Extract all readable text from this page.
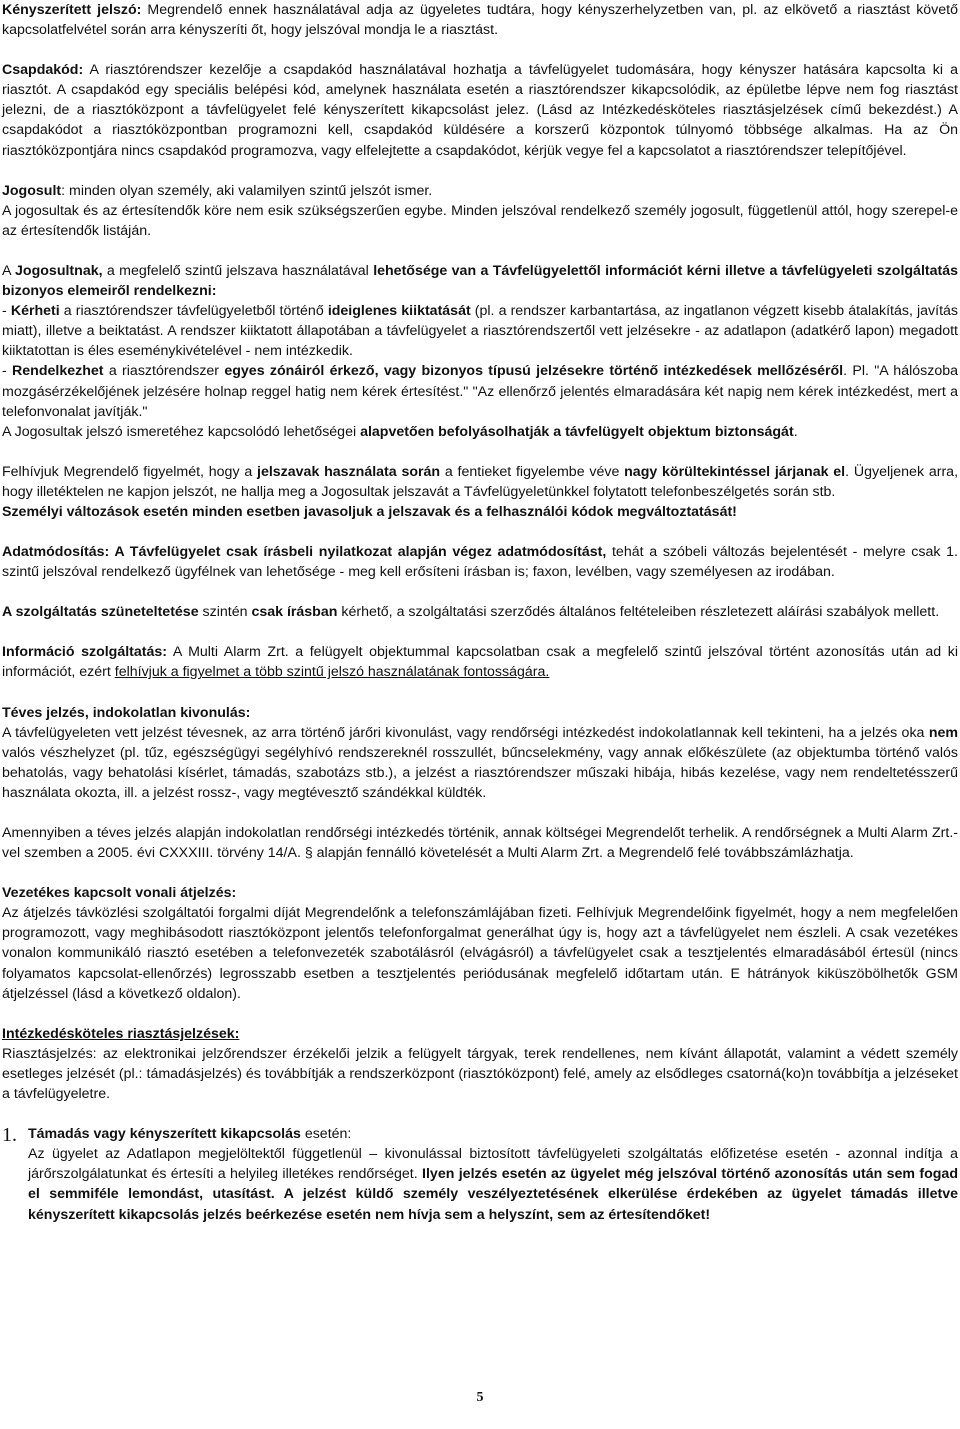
Kényszerített jelszó: Megrendelő ennek használatával adja az ügyeletes tudtára, hogy kényszerhelyzetben van, pl. az elkövető a riasztást követő kapcsolatfelvétel során arra kényszeríti őt, hogy jelszóval mondja le a riasztást.

Csapdakód: A riasztórendszer kezelője a csapdakód használatával hozhatja a távfelügyelet tudomására, hogy kényszer hatására kapcsolta ki a riasztót. A csapdakód egy speciális belépési kód, amelynek használata esetén a riasztórendszer kikapcsolódik, az épületbe lépve nem fog riasztást jelezni, de a riasztóközpont a távfelügyelet felé kényszerített kikapcsolást jelez. (Lásd az Intézkedésköteles riasztásjelzések című bekezdést.) A csapdakódot a riasztóközpontban programozni kell, csapdakód küldésére a korszerű központok túlnyomó többsége alkalmas. Ha az Ön riasztóközpontjára nincs csapdakód programozva, vagy elfelejtette a csapdakódot, kérjük vegye fel a kapcsolatot a riasztórendszer telepítőjével.

Jogosult: minden olyan személy, aki valamilyen szintű jelszót ismer.

A jogosultak és az értesítendők köre nem esik szükségszerűen egybe. Minden jelszóval rendelkező személy jogosult, függetlenül attól, hogy szerepel-e az értesítendők listáján.

A Jogosultnak, a megfelelő szintű jelszava használatával lehetősége van a Távfelügyelettől információt kérni illetve a távfelügyeleti szolgáltatás bizonyos elemeiről rendelkezni:

- Kérheti a riasztórendszer távfelügyeletből történő ideiglenes kiiktatását (pl. a rendszer karbantartása, az ingatlanon végzett kisebb átalakítás, javítás miatt), illetve a beiktatást. A rendszer kiiktatott állapotában a távfelügyelet a riasztórendszertől vett jelzésekre - az adatlapon (adatkérő lapon) megadott kiiktatottan is éles eseménykivételével - nem intézkedik.

- Rendelkezhet a riasztórendszer egyes zónáiról érkező, vagy bizonyos típusú jelzésekre történő intézkedések mellőzéséről. Pl. "A hálószoba mozgásérzékelőjének jelzésére holnap reggel hatig nem kérek értesítést." "Az ellenőrző jelentés elmaradására két napig nem kérek intézkedést, mert a telefonvonalat javítják."

A Jogosultak jelszó ismeretéhez kapcsolódó lehetőségei alapvetően befolyásolhatják a távfelügyelt objektum biztonságát.

Felhívjuk Megrendelő figyelmét, hogy a jelszavak használata során a fentieket figyelembe véve nagy körültekintéssel járjanak el. Ügyeljenek arra, hogy illetéktelen ne kapjon jelszót, ne hallja meg a Jogosultak jelszavát a Távfelügyeletünkkel folytatott telefonbeszélgetés során stb.

Személyi változások esetén minden esetben javasoljuk a jelszavak és a felhasználói kódok megváltoztatását!

Adatmódosítás: A Távfelügyelet csak írásbeli nyilatkozat alapján végez adatmódosítást, tehát a szóbeli változás bejelentését - melyre csak 1. szintű jelszóval rendelkező ügyfélnek van lehetősége - meg kell erősíteni írásban is; faxon, levélben, vagy személyesen az irodában.

A szolgáltatás szüneteltetése szintén csak írásban kérhető, a szolgáltatási szerződés általános feltételeiben részletezett aláírási szabályok mellett.

Információ szolgáltatás: A Multi Alarm Zrt. a felügyelt objektummal kapcsolatban csak a megfelelő szintű jelszóval történt azonosítás után ad ki információt, ezért felhívjuk a figyelmet a több szintű jelszó használatának fontosságára.

Téves jelzés, indokolatlan kivonulás:

A távfelügyeleten vett jelzést tévesnek, az arra történő járőri kivonulást, vagy rendőrségi intézkedést indokolatlannak kell tekinteni, ha a jelzés oka nem valós vészhelyzet (pl. tűz, egészségügyi segélyhívó rendszereknél rosszullét, bűncselekmény, vagy annak előkészülete (az objektumba történő valós behatolás, vagy behatolási kísérlet, támadás, szabotázs stb.), a jelzést a riasztórendszer műszaki hibája, hibás kezelése, vagy nem rendeltetésszerű használata okozta, ill. a jelzést rossz-, vagy megtévesztő szándékkal küldték.

Amennyiben a téves jelzés alapján indokolatlan rendőrségi intézkedés történik, annak költségei Megrendelőt terhelik. A rendőrségnek a Multi Alarm Zrt.-vel szemben a 2005. évi CXXXIII. törvény 14/A. § alapján fennálló követelését a Multi Alarm Zrt. a Megrendelő felé továbbszámlázhatja.

Vezetékes kapcsolt vonali átjelzés:

Az átjelzés távközlési szolgáltatói forgalmi díját Megrendelőnk a telefonszámlájában fizeti. Felhívjuk Megrendelőink figyelmét, hogy a nem megfelelően programozott, vagy meghibásodott riasztóközpont jelentős telefonforgalmat generálhat úgy is, hogy azt a távfelügyelet nem észleli. A csak vezetékes vonalon kommunikáló riasztó esetében a telefonvezeték szabotálásról (elvágásról) a távfelügyelet csak a tesztjelentés elmaradásából értesül (nincs folyamatos kapcsolat-ellenőrzés) legrosszabb esetben a tesztjelentés periódusának megfelelő időtartam után. E hátrányok kiküszöbölhetők GSM átjelzéssel (lásd a következő oldalon).

Intézkedésköteles riasztásjelzések:

Riasztásjelzés: az elektronikai jelzőrendszer érzékelői jelzik a felügyelt tárgyak, terek rendellenes, nem kívánt állapotát, valamint a védett személy esetleges jelzését (pl.: támadásjelzés) és továbbítják a rendszerközpont (riasztóközpont) felé, amely az elsődleges csatorná(ko)n továbbítja a jelzéseket a távfelügyeletre.

1. Támadás vagy kényszerített kikapcsolás esetén:

Az ügyelet az Adatlapon megjelöltektől függetlenül – kivonulással biztosított távfelügyeleti szolgáltatás előfizetése esetén - azonnal indítja a járőrszolgálatunkat és értesíti a helyileg illetékes rendőrséget. Ilyen jelzés esetén az ügyelet még jelszóval történő azonosítás után sem fogad el semmiféle lemondást, utasítást. A jelzést küldő személy veszélyeztetésének elkerülése érdekében az ügyelet támadás illetve kényszerített kikapcsolás jelzés beérkezése esetén nem hívja sem a helyszínt, sem az értesítendőket!

5
